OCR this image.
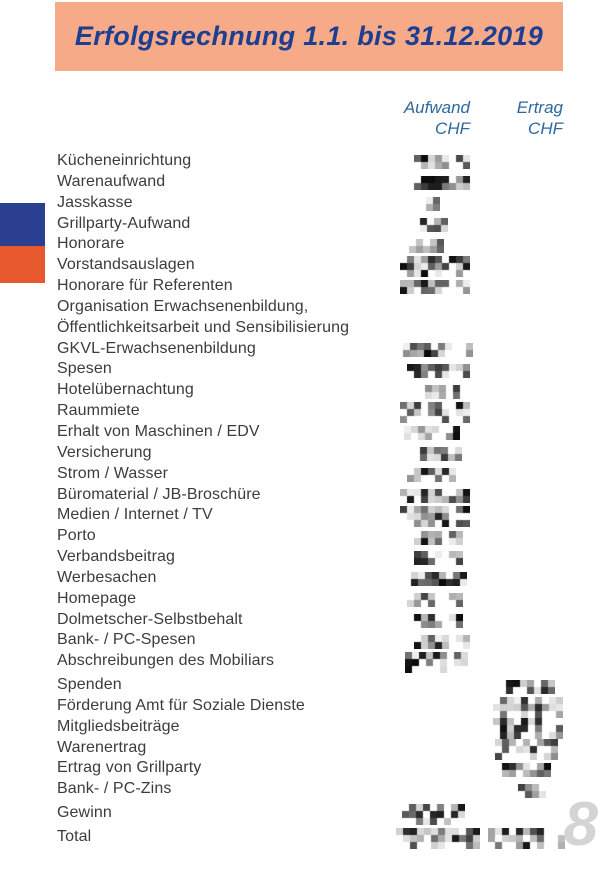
Erfolgsrechnung 1.1. bis 31.12.2019
Aufwand
CHF
Ertrag
CHF
Kücheneinrichtung
Warenaufwand
Jasskasse
Grillparty-Aufwand
Honorare
Vorstandsauslagen
Honorare für Referenten
Organisation Erwachsenenbildung,
Öffentlichkeitsarbeit und Sensibilisierung
GKVL-Erwachsenenbildung
Spesen
Hotelübernachtung
Raummiete
Erhalt von Maschinen / EDV
Versicherung
Strom / Wasser
Büromaterial / JB-Broschüre
Medien / Internet / TV
Porto
Verbandsbeitrag
Werbesachen
Homepage
Dolmetscher-Selbstbehalt
Bank- / PC-Spesen
Abschreibungen des Mobiliars
Spenden
Förderung Amt für Soziale Dienste
Mitgliedsbeiträge
Warenertrag
Ertrag von Grillparty
Bank- / PC-Zins
Gewinn
Total	8
